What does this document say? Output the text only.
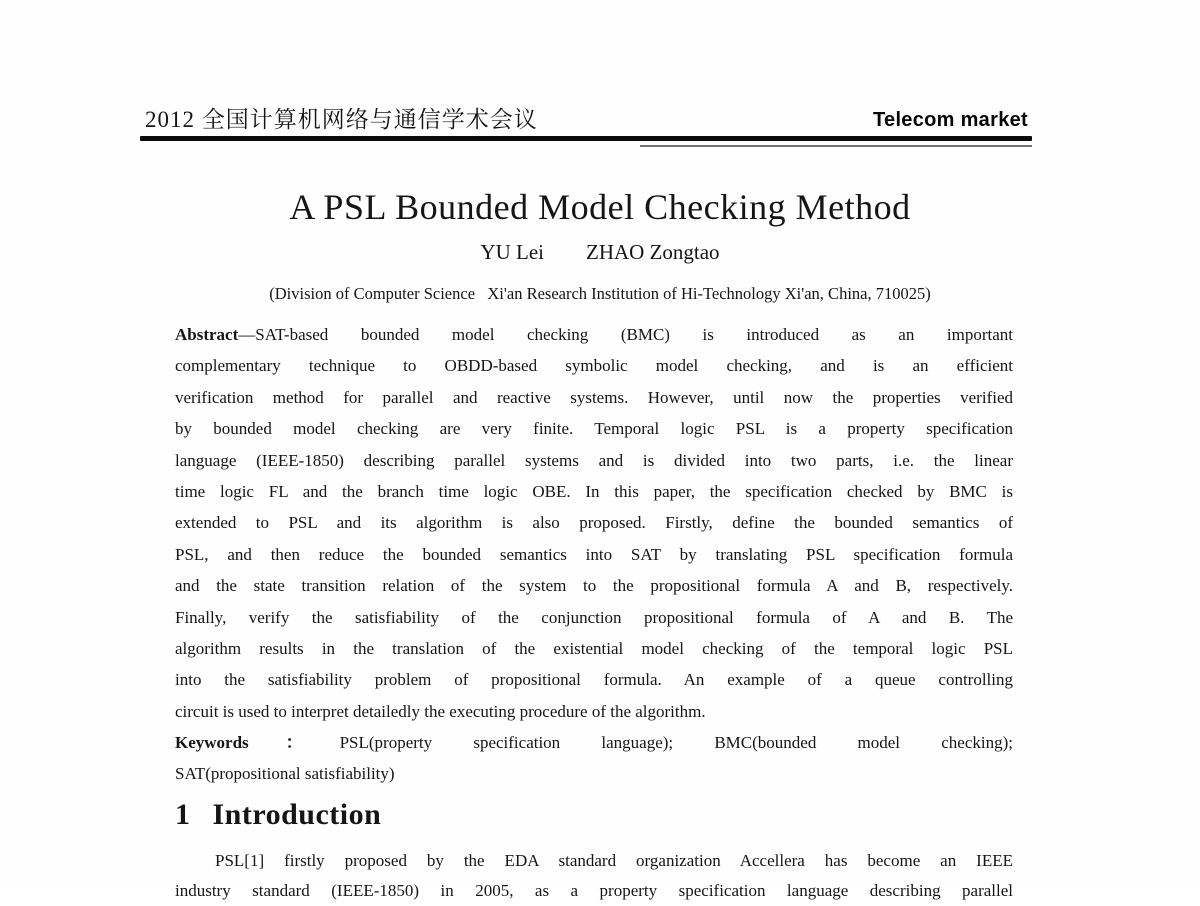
2012 全国计算机网络与通信学术会议	Telecom market
A PSL Bounded Model Checking Method
YU Lei ZHAO Zongtao
(Division of Computer Science   Xi'an Research Institution of Hi-Technology Xi'an, China, 710025)
Abstract—SAT-based bounded model checking (BMC) is introduced as an important
complementary technique to OBDD-based symbolic model checking, and is an efficient
verification method for parallel and reactive systems. However, until now the properties verified
by bounded model checking are very finite. Temporal logic PSL is a property specification
language (IEEE-1850) describing parallel systems and is divided into two parts, i.e. the linear
time logic FL and the branch time logic OBE. In this paper, the specification checked by BMC is
extended to PSL and its algorithm is also proposed. Firstly, define the bounded semantics of
PSL, and then reduce the bounded semantics into SAT by translating PSL specification formula
and the state transition relation of the system to the propositional formula A and B, respectively.
Finally, verify the satisfiability of the conjunction propositional formula of A and B. The
algorithm results in the translation of the existential model checking of the temporal logic PSL
into the satisfiability problem of propositional formula. An example of a queue controlling
circuit is used to interpret detailedly the executing procedure of the algorithm.
Keywords：PSL(property specification language); BMC(bounded model checking);
SAT(propositional satisfiability)
1 Introduction
PSL[1] firstly proposed by the EDA standard organization Accellera has become an IEEE
industry standard (IEEE-1850) in 2005, as a property specification language describing parallel
